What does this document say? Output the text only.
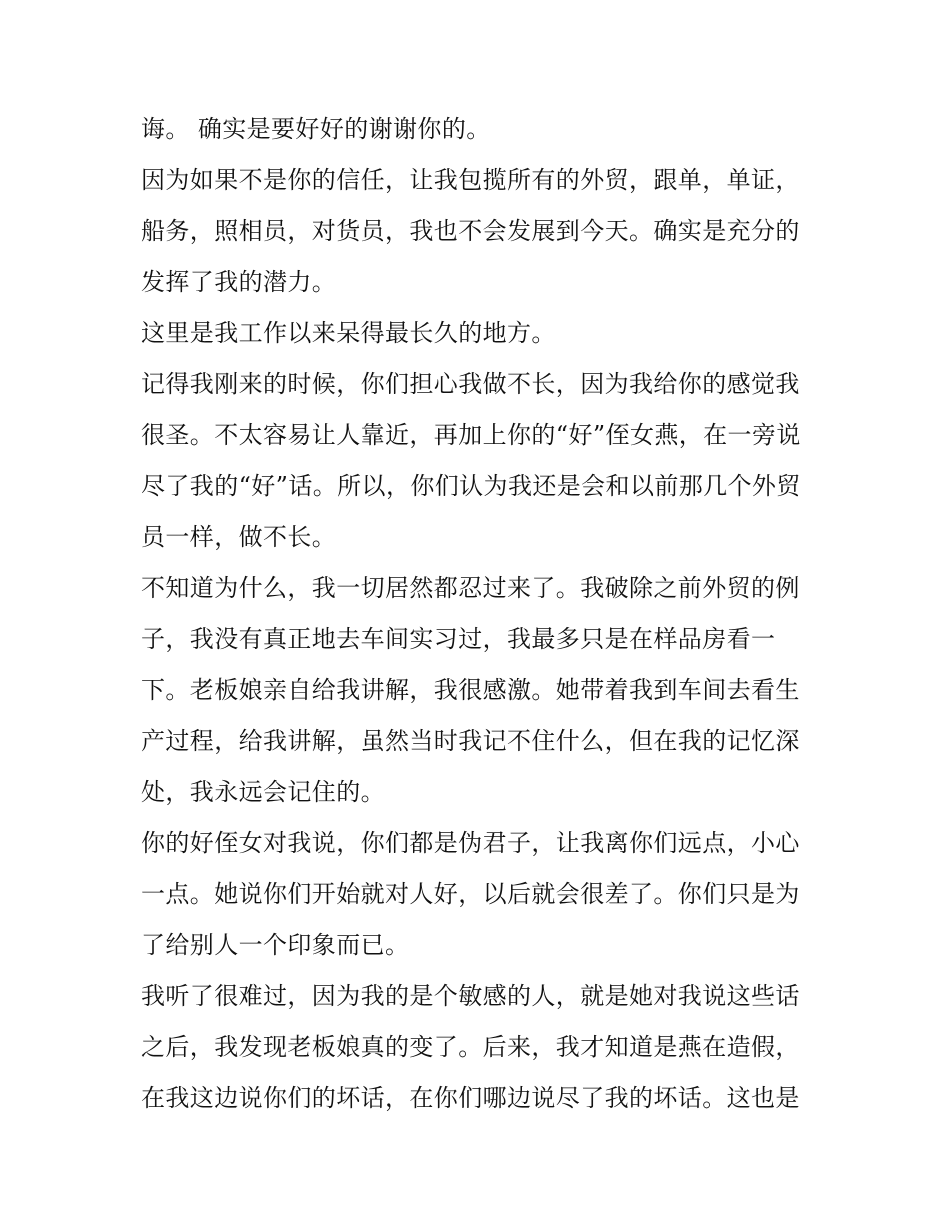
诲。 确实是要好好的谢谢你的。

因为如果不是你的信任，让我包揽所有的外贸，跟单，单证，

船务，照相员，对货员，我也不会发展到今天。确实是充分的

发挥了我的潜力。

这里是我工作以来呆得最长久的地方。

记得我刚来的时候，你们担心我做不长，因为我给你的感觉我

很圣。不太容易让人靠近，再加上你的“好”侄女燕，在一旁说

尽了我的“好”话。所以，你们认为我还是会和以前那几个外贸

员一样，做不长。

不知道为什么，我一切居然都忍过来了。我破除之前外贸的例

子，我没有真正地去车间实习过，我最多只是在样品房看一

下。老板娘亲自给我讲解，我很感激。她带着我到车间去看生

产过程，给我讲解，虽然当时我记不住什么，但在我的记忆深

处，我永远会记住的。

你的好侄女对我说，你们都是伪君子，让我离你们远点，小心

一点。她说你们开始就对人好，以后就会很差了。你们只是为

了给别人一个印象而已。

我听了很难过，因为我的是个敏感的人，就是她对我说这些话

之后，我发现老板娘真的变了。后来，我才知道是燕在造假，

在我这边说你们的坏话，在你们哪边说尽了我的坏话。这也是
